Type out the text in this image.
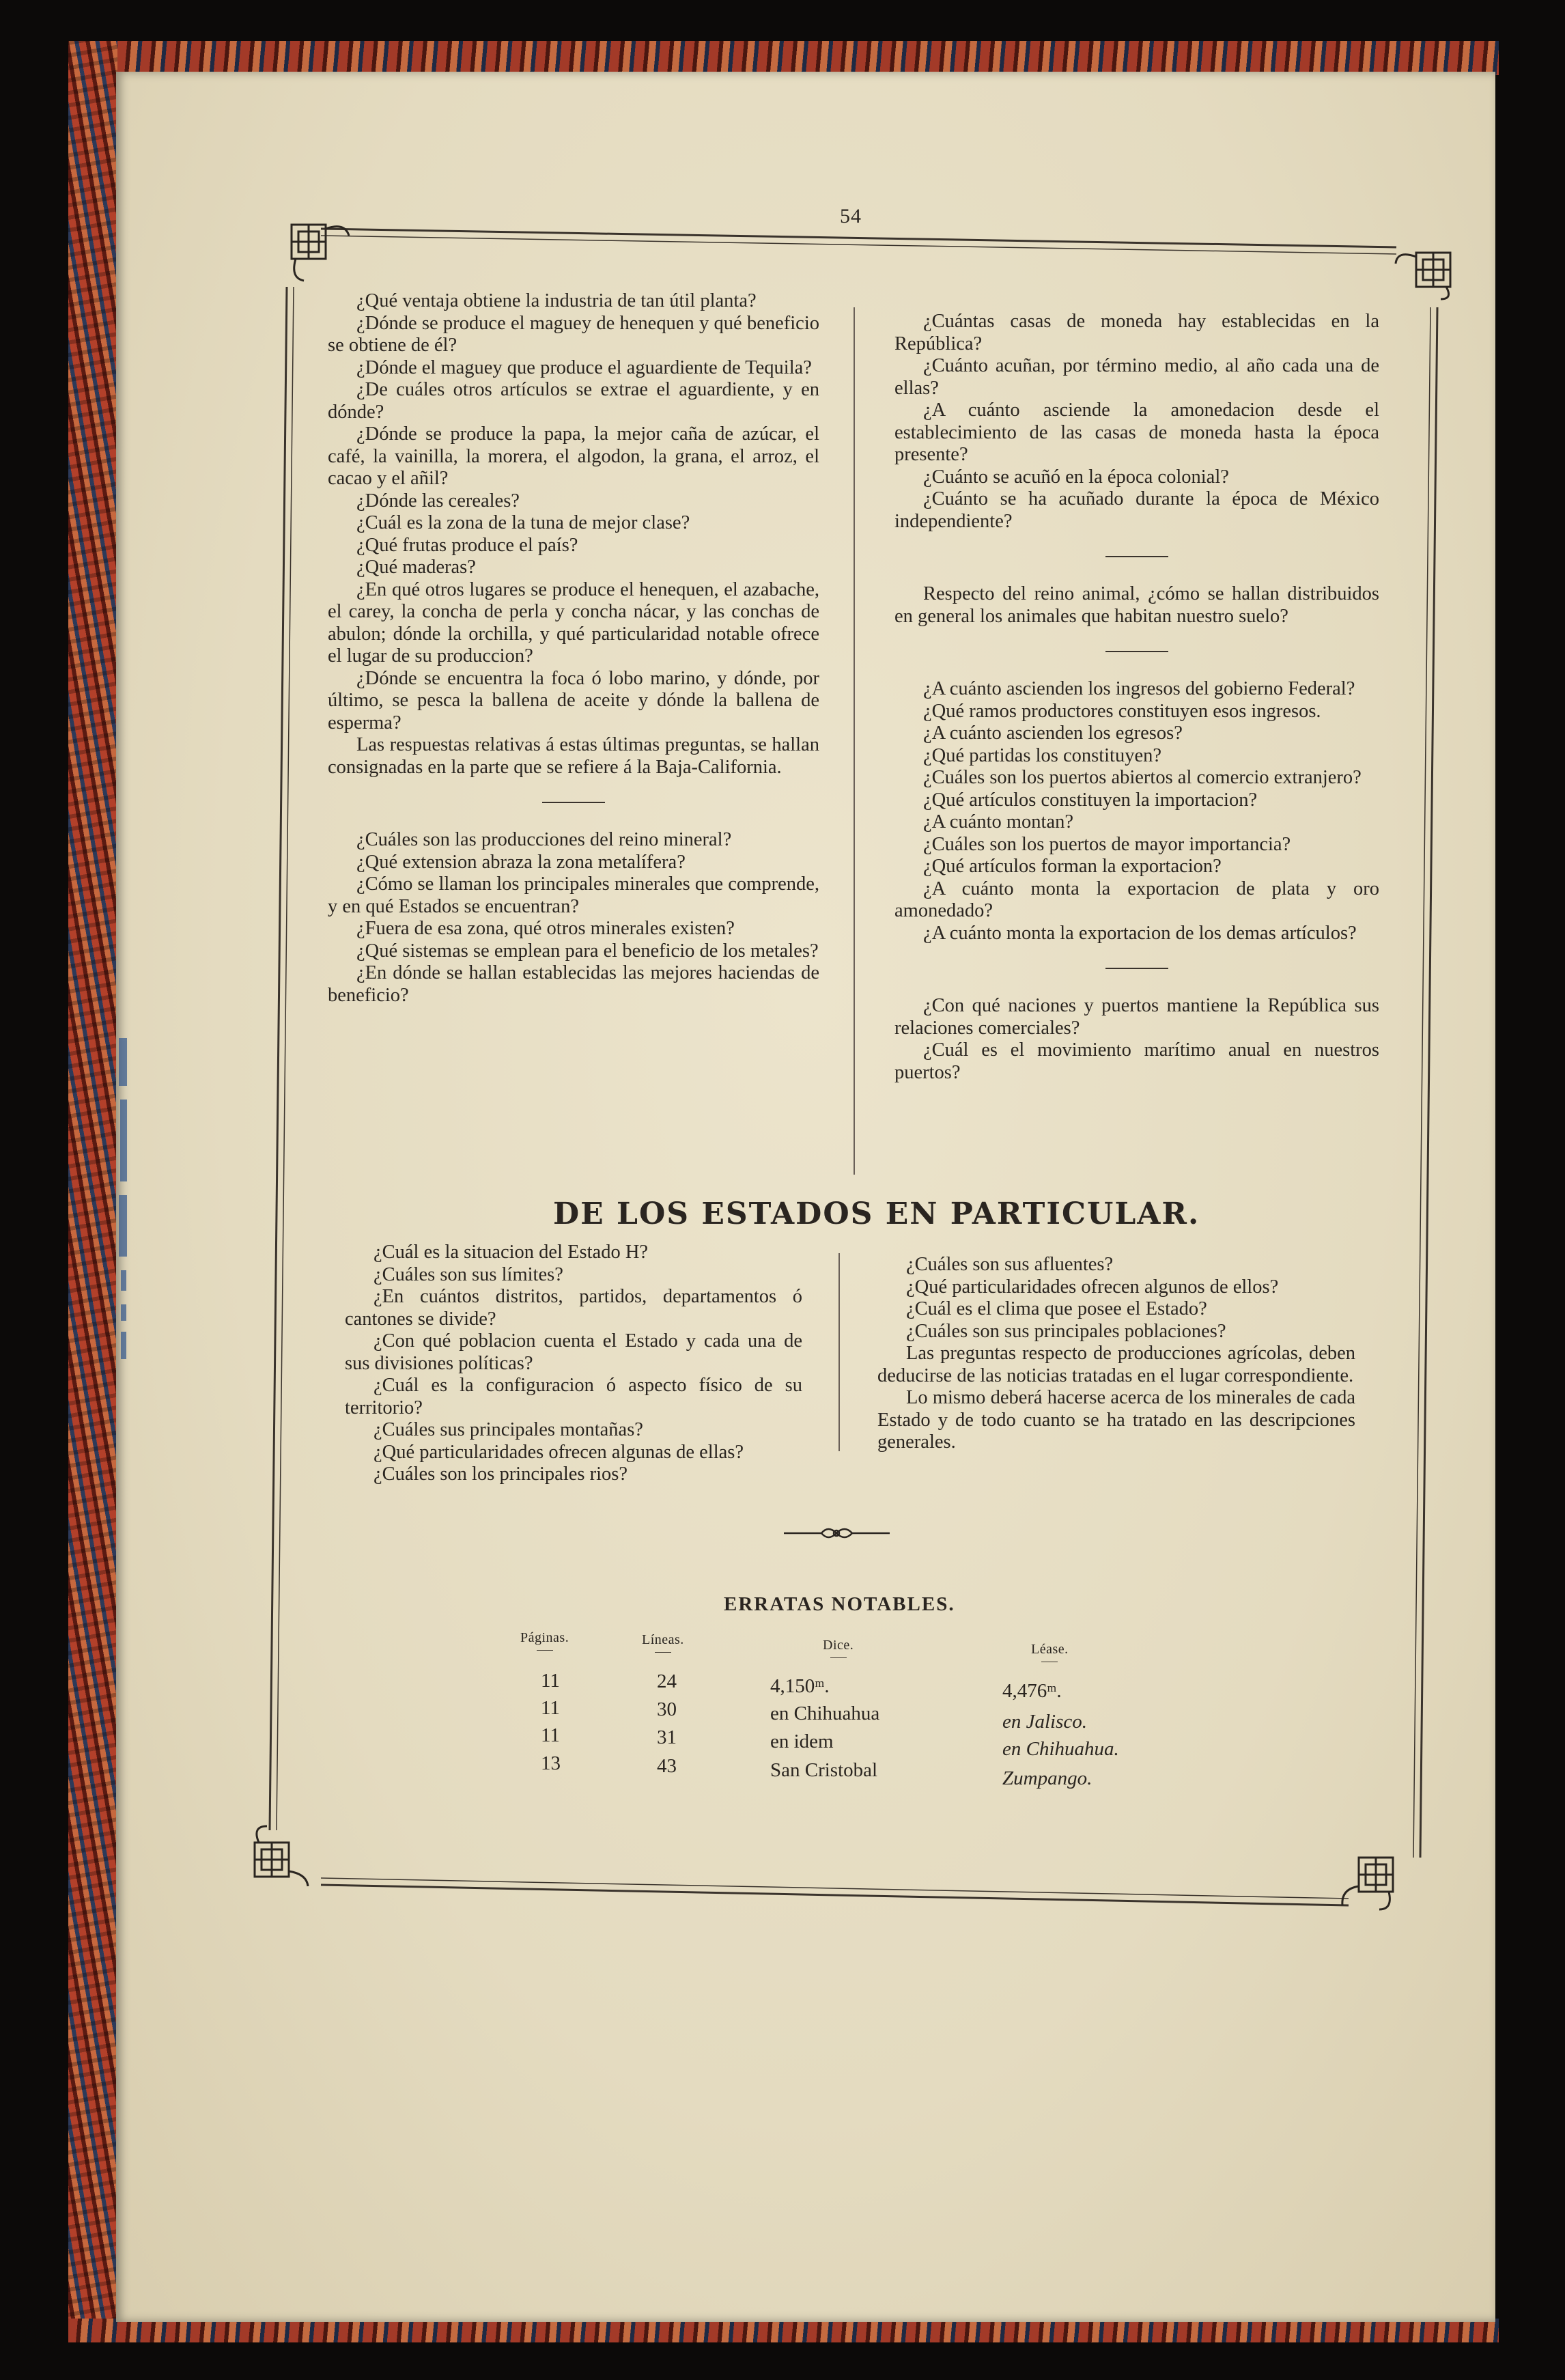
54

¿Qué ventaja obtiene la industria de tan útil planta?

¿Dónde se produce el maguey de henequen y qué beneficio se obtiene de él?

¿Dónde el maguey que produce el aguardiente de Tequila?

¿De cuáles otros artículos se extrae el aguardiente, y en dónde?

¿Dónde se produce la papa, la mejor caña de azúcar, el café, la vainilla, la morera, el algodon, la grana, el arroz, el cacao y el añil?

¿Dónde las cereales?

¿Cuál es la zona de la tuna de mejor clase?

¿Qué frutas produce el país?

¿Qué maderas?

¿En qué otros lugares se produce el henequen, el azabache, el carey, la concha de perla y concha nácar, y las conchas de abulon; dónde la orchilla, y qué particularidad notable ofrece el lugar de su produccion?

¿Dónde se encuentra la foca ó lobo marino, y dónde, por último, se pesca la ballena de aceite y dónde la ballena de esperma?

Las respuestas relativas á estas últimas preguntas, se hallan consignadas en la parte que se refiere á la Baja-California.

¿Cuáles son las producciones del reino mineral?

¿Qué extension abraza la zona metalífera?

¿Cómo se llaman los principales minerales que comprende, y en qué Estados se encuentran?

¿Fuera de esa zona, qué otros minerales existen?

¿Qué sistemas se emplean para el beneficio de los metales?

¿En dónde se hallan establecidas las mejores haciendas de beneficio?

¿Cuántas casas de moneda hay establecidas en la República?

¿Cuánto acuñan, por término medio, al año cada una de ellas?

¿A cuánto asciende la amonedacion desde el establecimiento de las casas de moneda hasta la época presente?

¿Cuánto se acuñó en la época colonial?

¿Cuánto se ha acuñado durante la época de México independiente?

Respecto del reino animal, ¿cómo se hallan distribuidos en general los animales que habitan nuestro suelo?

¿A cuánto ascienden los ingresos del gobierno Federal?

¿Qué ramos productores constituyen esos ingresos.

¿A cuánto ascienden los egresos?

¿Qué partidas los constituyen?

¿Cuáles son los puertos abiertos al comercio extranjero?

¿Qué artículos constituyen la importacion?

¿A cuánto montan?

¿Cuáles son los puertos de mayor importancia?

¿Qué artículos forman la exportacion?

¿A cuánto monta la exportacion de plata y oro amonedado?

¿A cuánto monta la exportacion de los demas artículos?

¿Con qué naciones y puertos mantiene la República sus relaciones comerciales?

¿Cuál es el movimiento marítimo anual en nuestros puertos?

DE LOS ESTADOS EN PARTICULAR.

¿Cuál es la situacion del Estado H?

¿Cuáles son sus límites?

¿En cuántos distritos, partidos, departamentos ó cantones se divide?

¿Con qué poblacion cuenta el Estado y cada una de sus divisiones políticas?

¿Cuál es la configuracion ó aspecto físico de su territorio?

¿Cuáles sus principales montañas?

¿Qué particularidades ofrecen algunas de ellas?

¿Cuáles son los principales rios?

¿Cuáles son sus afluentes?

¿Qué particularidades ofrecen algunos de ellos?

¿Cuál es el clima que posee el Estado?

¿Cuáles son sus principales poblaciones?

Las preguntas respecto de producciones agrícolas, deben deducirse de las noticias tratadas en el lugar correspondiente.

Lo mismo deberá hacerse acerca de los minerales de cada Estado y de todo cuanto se ha tratado en las descripciones generales.

ERRATAS NOTABLES.
Páginas.	Líneas.	Dice.	Léase.
11	24	4,150ᵐ.	4,476ᵐ.
11	30	en Chihuahua	en Jalisco.
11	31	en idem	en Chihuahua.
13	43	San Cristobal	Zumpango.
